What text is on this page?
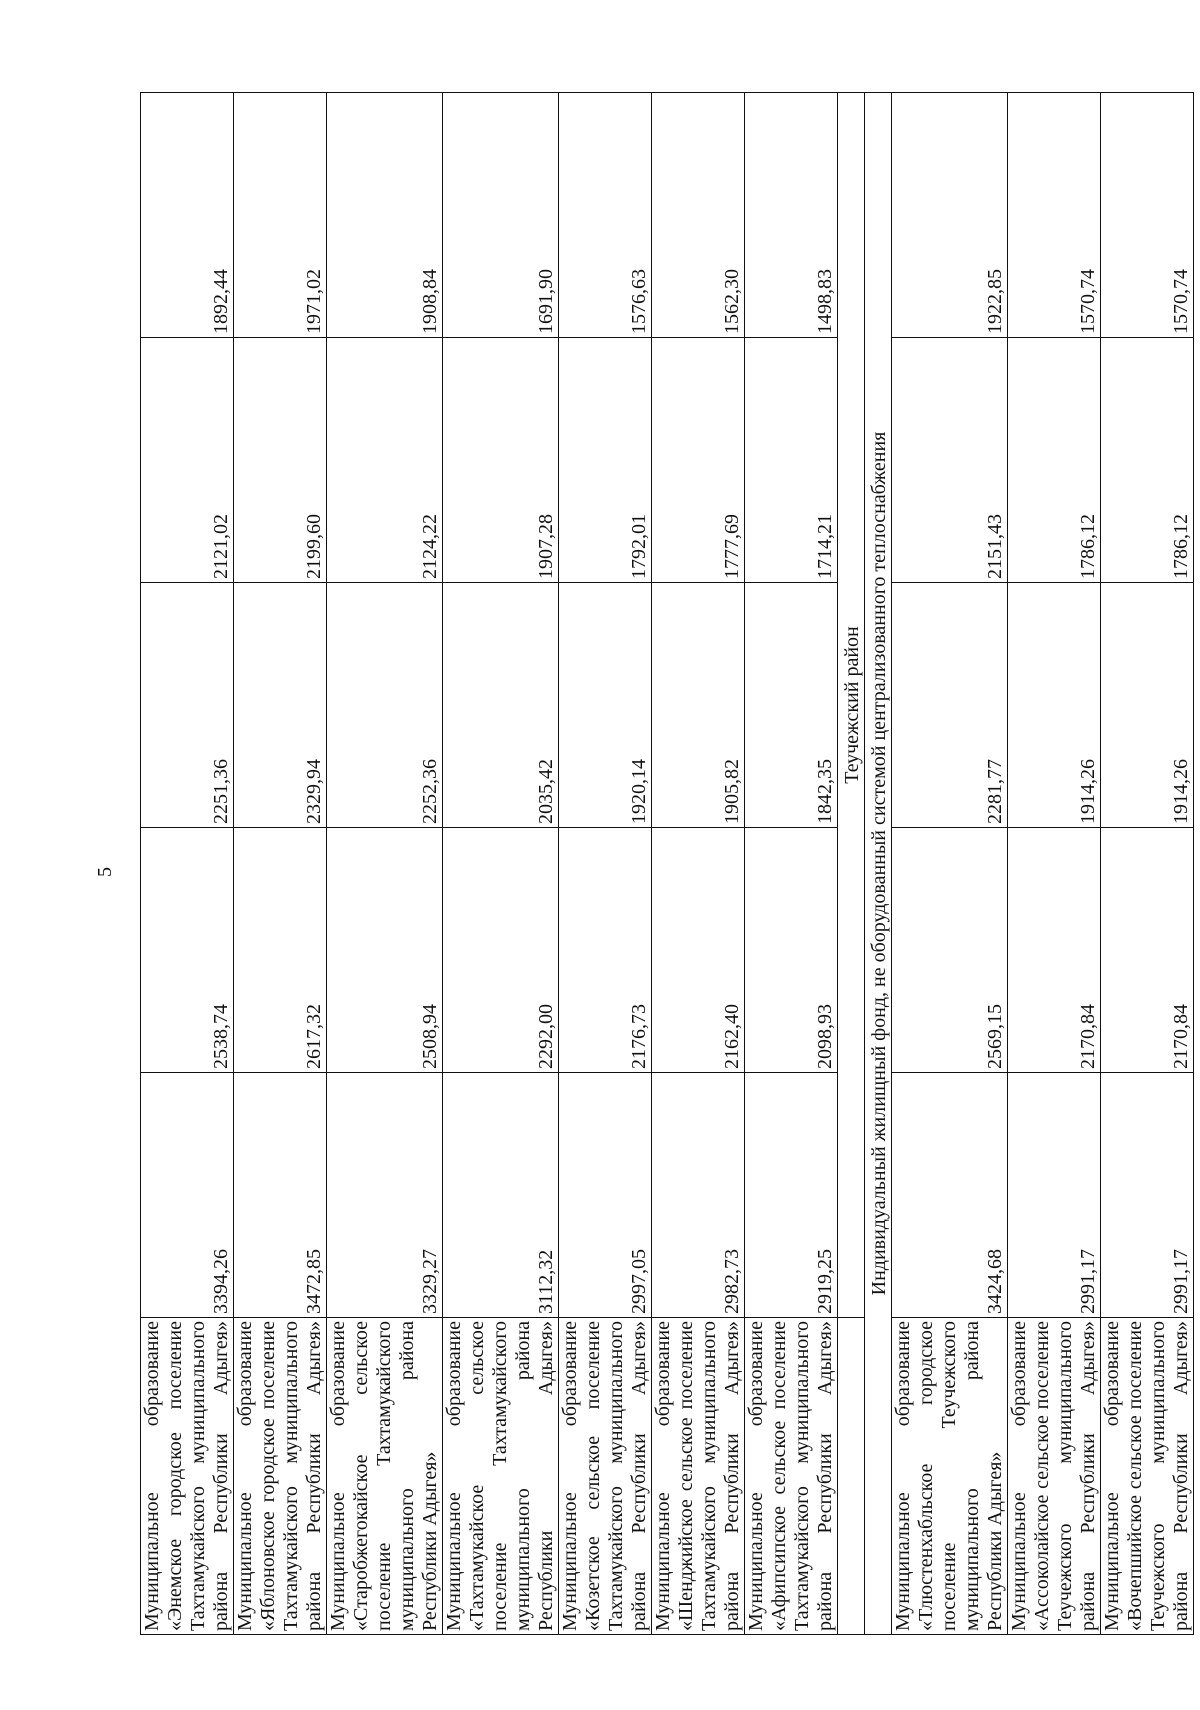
5
Муниципальное образование «Энемское городское поселение Тахтамукайского муниципального района Республики Адыгея»	3394,26	2538,74	2251,36	2121,02	1892,44
Муниципальное образование «Яблоновское городское поселение Тахтамукайского муниципального района Республики Адыгея»	3472,85	2617,32	2329,94	2199,60	1971,02
Муниципальное образование «Старобжегокайское сельское поселение Тахтамукайского муниципального района Республики Адыгея»	3329,27	2508,94	2252,36	2124,22	1908,84
Муниципальное образование «Тахтамукайское сельское поселение Тахтамукайского муниципального района Республики Адыгея»	3112,32	2292,00	2035,42	1907,28	1691,90
Муниципальное образование «Козетское сельское поселение Тахтамукайского муниципального района Республики Адыгея»	2997,05	2176,73	1920,14	1792,01	1576,63
Муниципальное образование «Шенджийское сельское поселение Тахтамукайского муниципального района Республики Адыгея»	2982,73	2162,40	1905,82	1777,69	1562,30
Муниципальное образование «Афипсипское сельское поселение Тахтамукайского муниципального района Республики Адыгея»	2919,25	2098,93	1842,35	1714,21	1498,83
	Теучежский район				
Индивидуальный жилищный фонд, не оборудованный системой централизованного теплоснабжения					
Муниципальное образование «Тлюстенхабльское городское поселение Теучежского муниципального района Республики Адыгея»	3424,68	2569,15	2281,77	2151,43	1922,85
Муниципальное образование «Ассоколайское сельское поселение Теучежского муниципального района Республики Адыгея»	2991,17	2170,84	1914,26	1786,12	1570,74
Муниципальное образование «Вочепшийское сельское поселение Теучежского муниципального района Республики Адыгея»	2991,17	2170,84	1914,26	1786,12	1570,74
